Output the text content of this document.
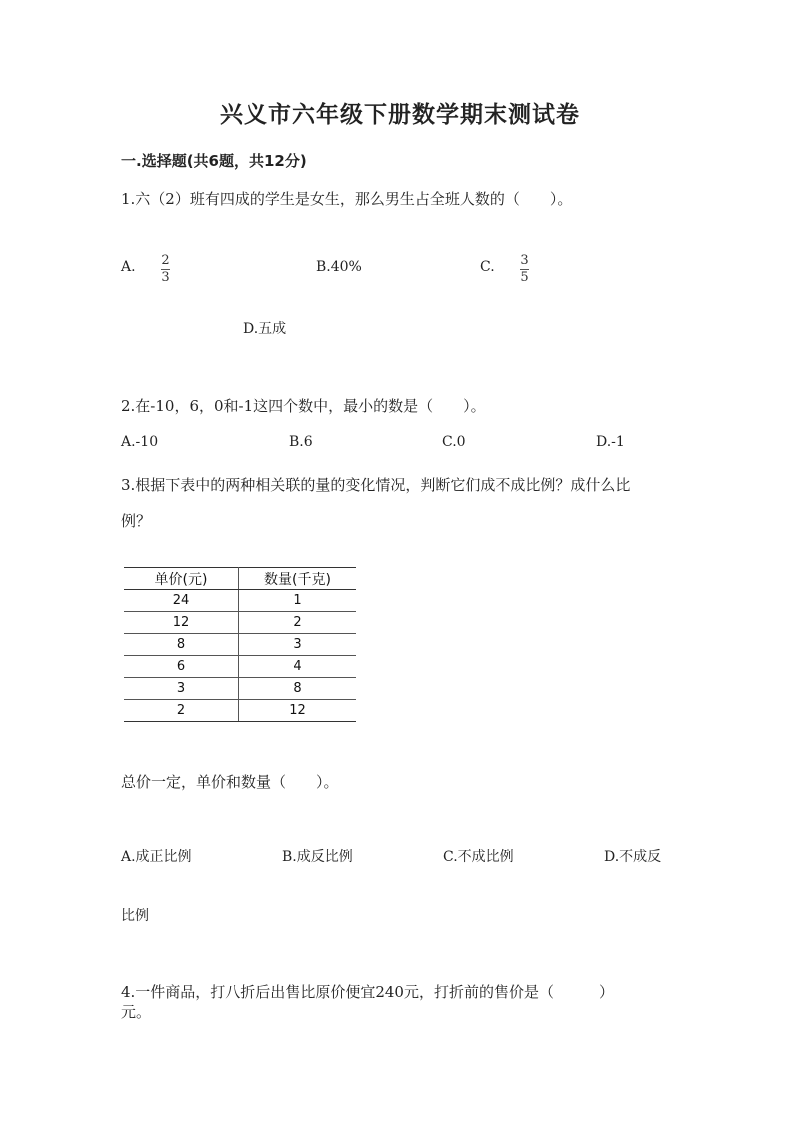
兴义市六年级下册数学期末测试卷
一.选择题(共6题，共12分)
1.六（2）班有四成的学生是女生，那么男生占全班人数的（　　）。
A. 2
3
B.40%	C. 3
5
D.五成
2.在-10，6，0和-1这四个数中，最小的数是（　　）。
A.-10	B.6	C.0	D.-1
3.根据下表中的两种相关联的量的变化情况，判断它们成不成比例？成什么比
例？
单价(元)	数量(千克)
24	1
12	2
8	3
6	4
3	8
2	12
总价一定，单价和数量（　　）。
A.成正比例	B.成反比例	C.不成比例	D.不成反
比例
4.一件商品，打八折后出售比原价便宜240元，打折前的售价是（　　　）
元。
